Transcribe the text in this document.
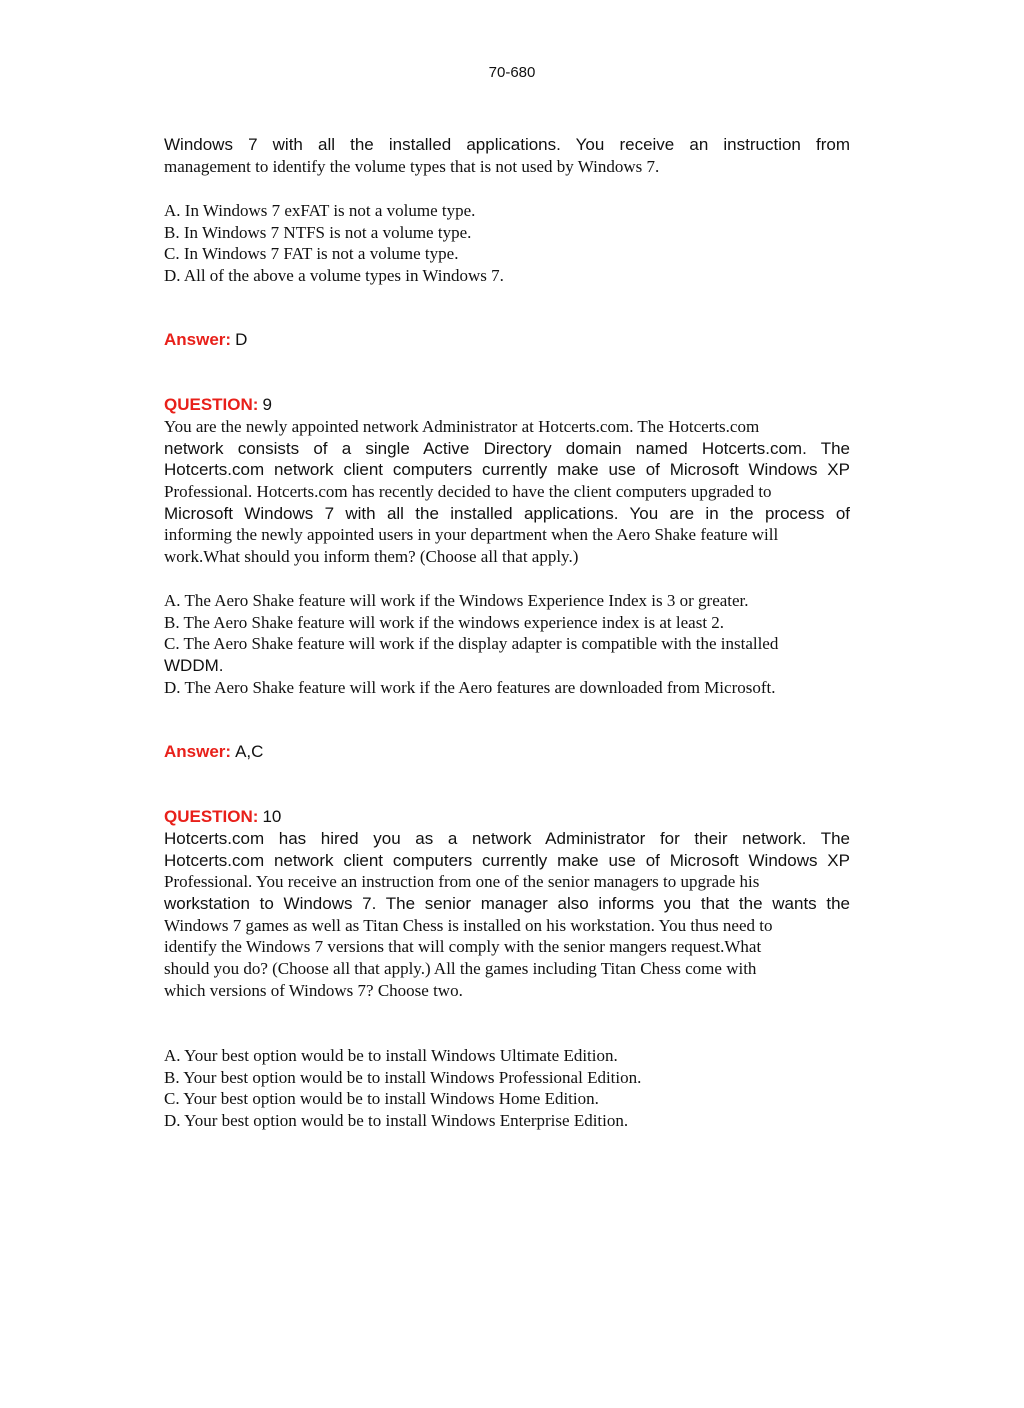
70-680
Windows 7 with all the installed applications. You receive an instruction from
management to identify the volume types that is not used by Windows 7.
A. In Windows 7 exFAT is not a volume type.
B. In Windows 7 NTFS is not a volume type.
C. In Windows 7 FAT is not a volume type.
D. All of the above a volume types in Windows 7.
Answer: D
QUESTION: 9
You are the newly appointed network Administrator at Hotcerts.com. The Hotcerts.com
network consists of a single Active Directory domain named Hotcerts.com. The
Hotcerts.com network client computers currently make use of Microsoft Windows XP
Professional. Hotcerts.com has recently decided to have the client computers upgraded to
Microsoft Windows 7 with all the installed applications. You are in the process of
informing the newly appointed users in your department when the Aero Shake feature will
work.What should you inform them? (Choose all that apply.)
A. The Aero Shake feature will work if the Windows Experience Index is 3 or greater.
B. The Aero Shake feature will work if the windows experience index is at least 2.
C. The Aero Shake feature will work if the display adapter is compatible with the installed
WDDM.
D. The Aero Shake feature will work if the Aero features are downloaded from Microsoft.
Answer: A,C
QUESTION: 10
Hotcerts.com has hired you as a network Administrator for their network. The
Hotcerts.com network client computers currently make use of Microsoft Windows XP
Professional. You receive an instruction from one of the senior managers to upgrade his
workstation to Windows 7. The senior manager also informs you that the wants the
Windows 7 games as well as Titan Chess is installed on his workstation. You thus need to
identify the Windows 7 versions that will comply with the senior mangers request.What
should you do? (Choose all that apply.) All the games including Titan Chess come with
which versions of Windows 7? Choose two.
A. Your best option would be to install Windows Ultimate Edition.
B. Your best option would be to install Windows Professional Edition.
C. Your best option would be to install Windows Home Edition.
D. Your best option would be to install Windows Enterprise Edition.
